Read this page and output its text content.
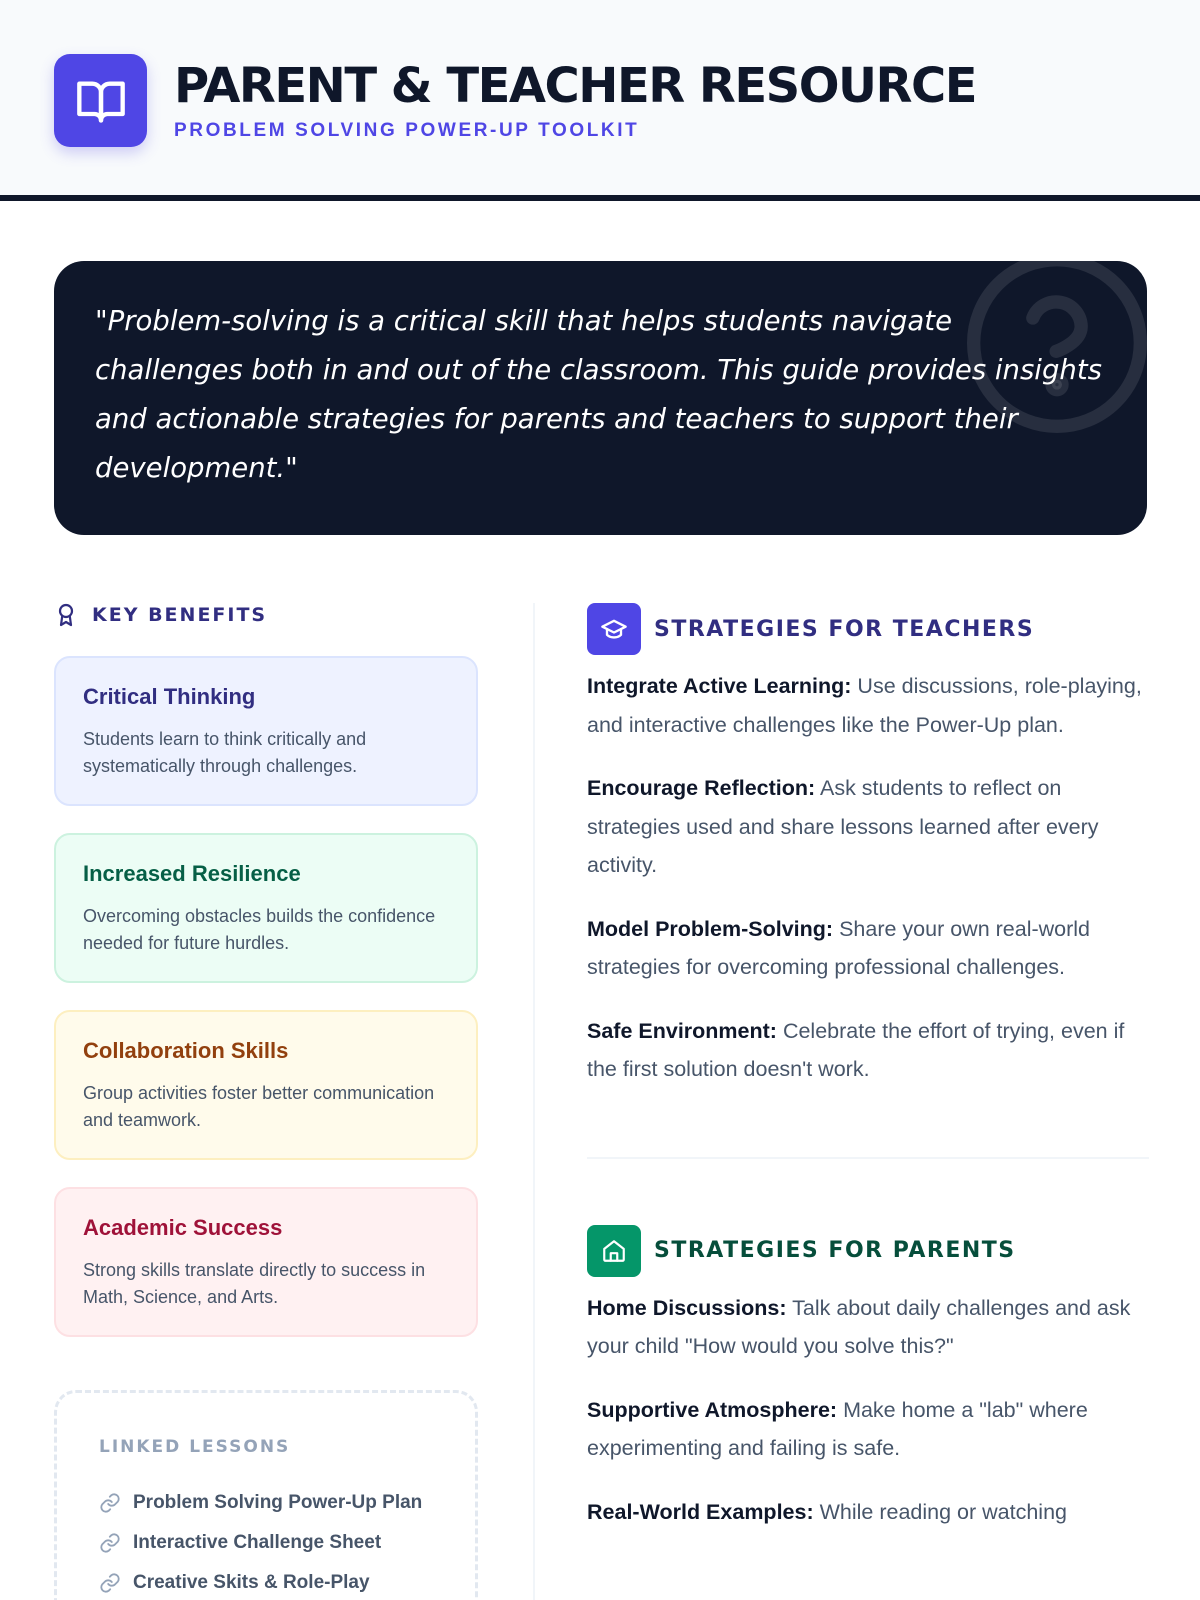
PARENT & TEACHER RESOURCE
PROBLEM SOLVING POWER-UP TOOLKIT

"Problem-solving is a critical skill that helps students navigate challenges both in and out of the classroom. This guide provides insights and actionable strategies for parents and teachers to support their development."

KEY BENEFITS
Critical Thinking

Students learn to think critically and systematically through challenges.

Increased Resilience

Overcoming obstacles builds the confidence needed for future hurdles.

Collaboration Skills

Group activities foster better communication and teamwork.

Academic Success

Strong skills translate directly to success in Math, Science, and Arts.

LINKED LESSONS
Problem Solving Power-Up Plan
Interactive Challenge Sheet
Creative Skits & Role-Play
STRATEGIES FOR TEACHERS

Integrate Active Learning: Use discussions, role-playing, and interactive challenges like the Power-Up plan.

Encourage Reflection: Ask students to reflect on strategies used and share lessons learned after every activity.

Model Problem-Solving: Share your own real-world strategies for overcoming professional challenges.

Safe Environment: Celebrate the effort of trying, even if the first solution doesn't work.

STRATEGIES FOR PARENTS

Home Discussions: Talk about daily challenges and ask your child "How would you solve this?"

Supportive Atmosphere: Make home a "lab" where experimenting and failing is safe.

Real-World Examples: While reading or watching
